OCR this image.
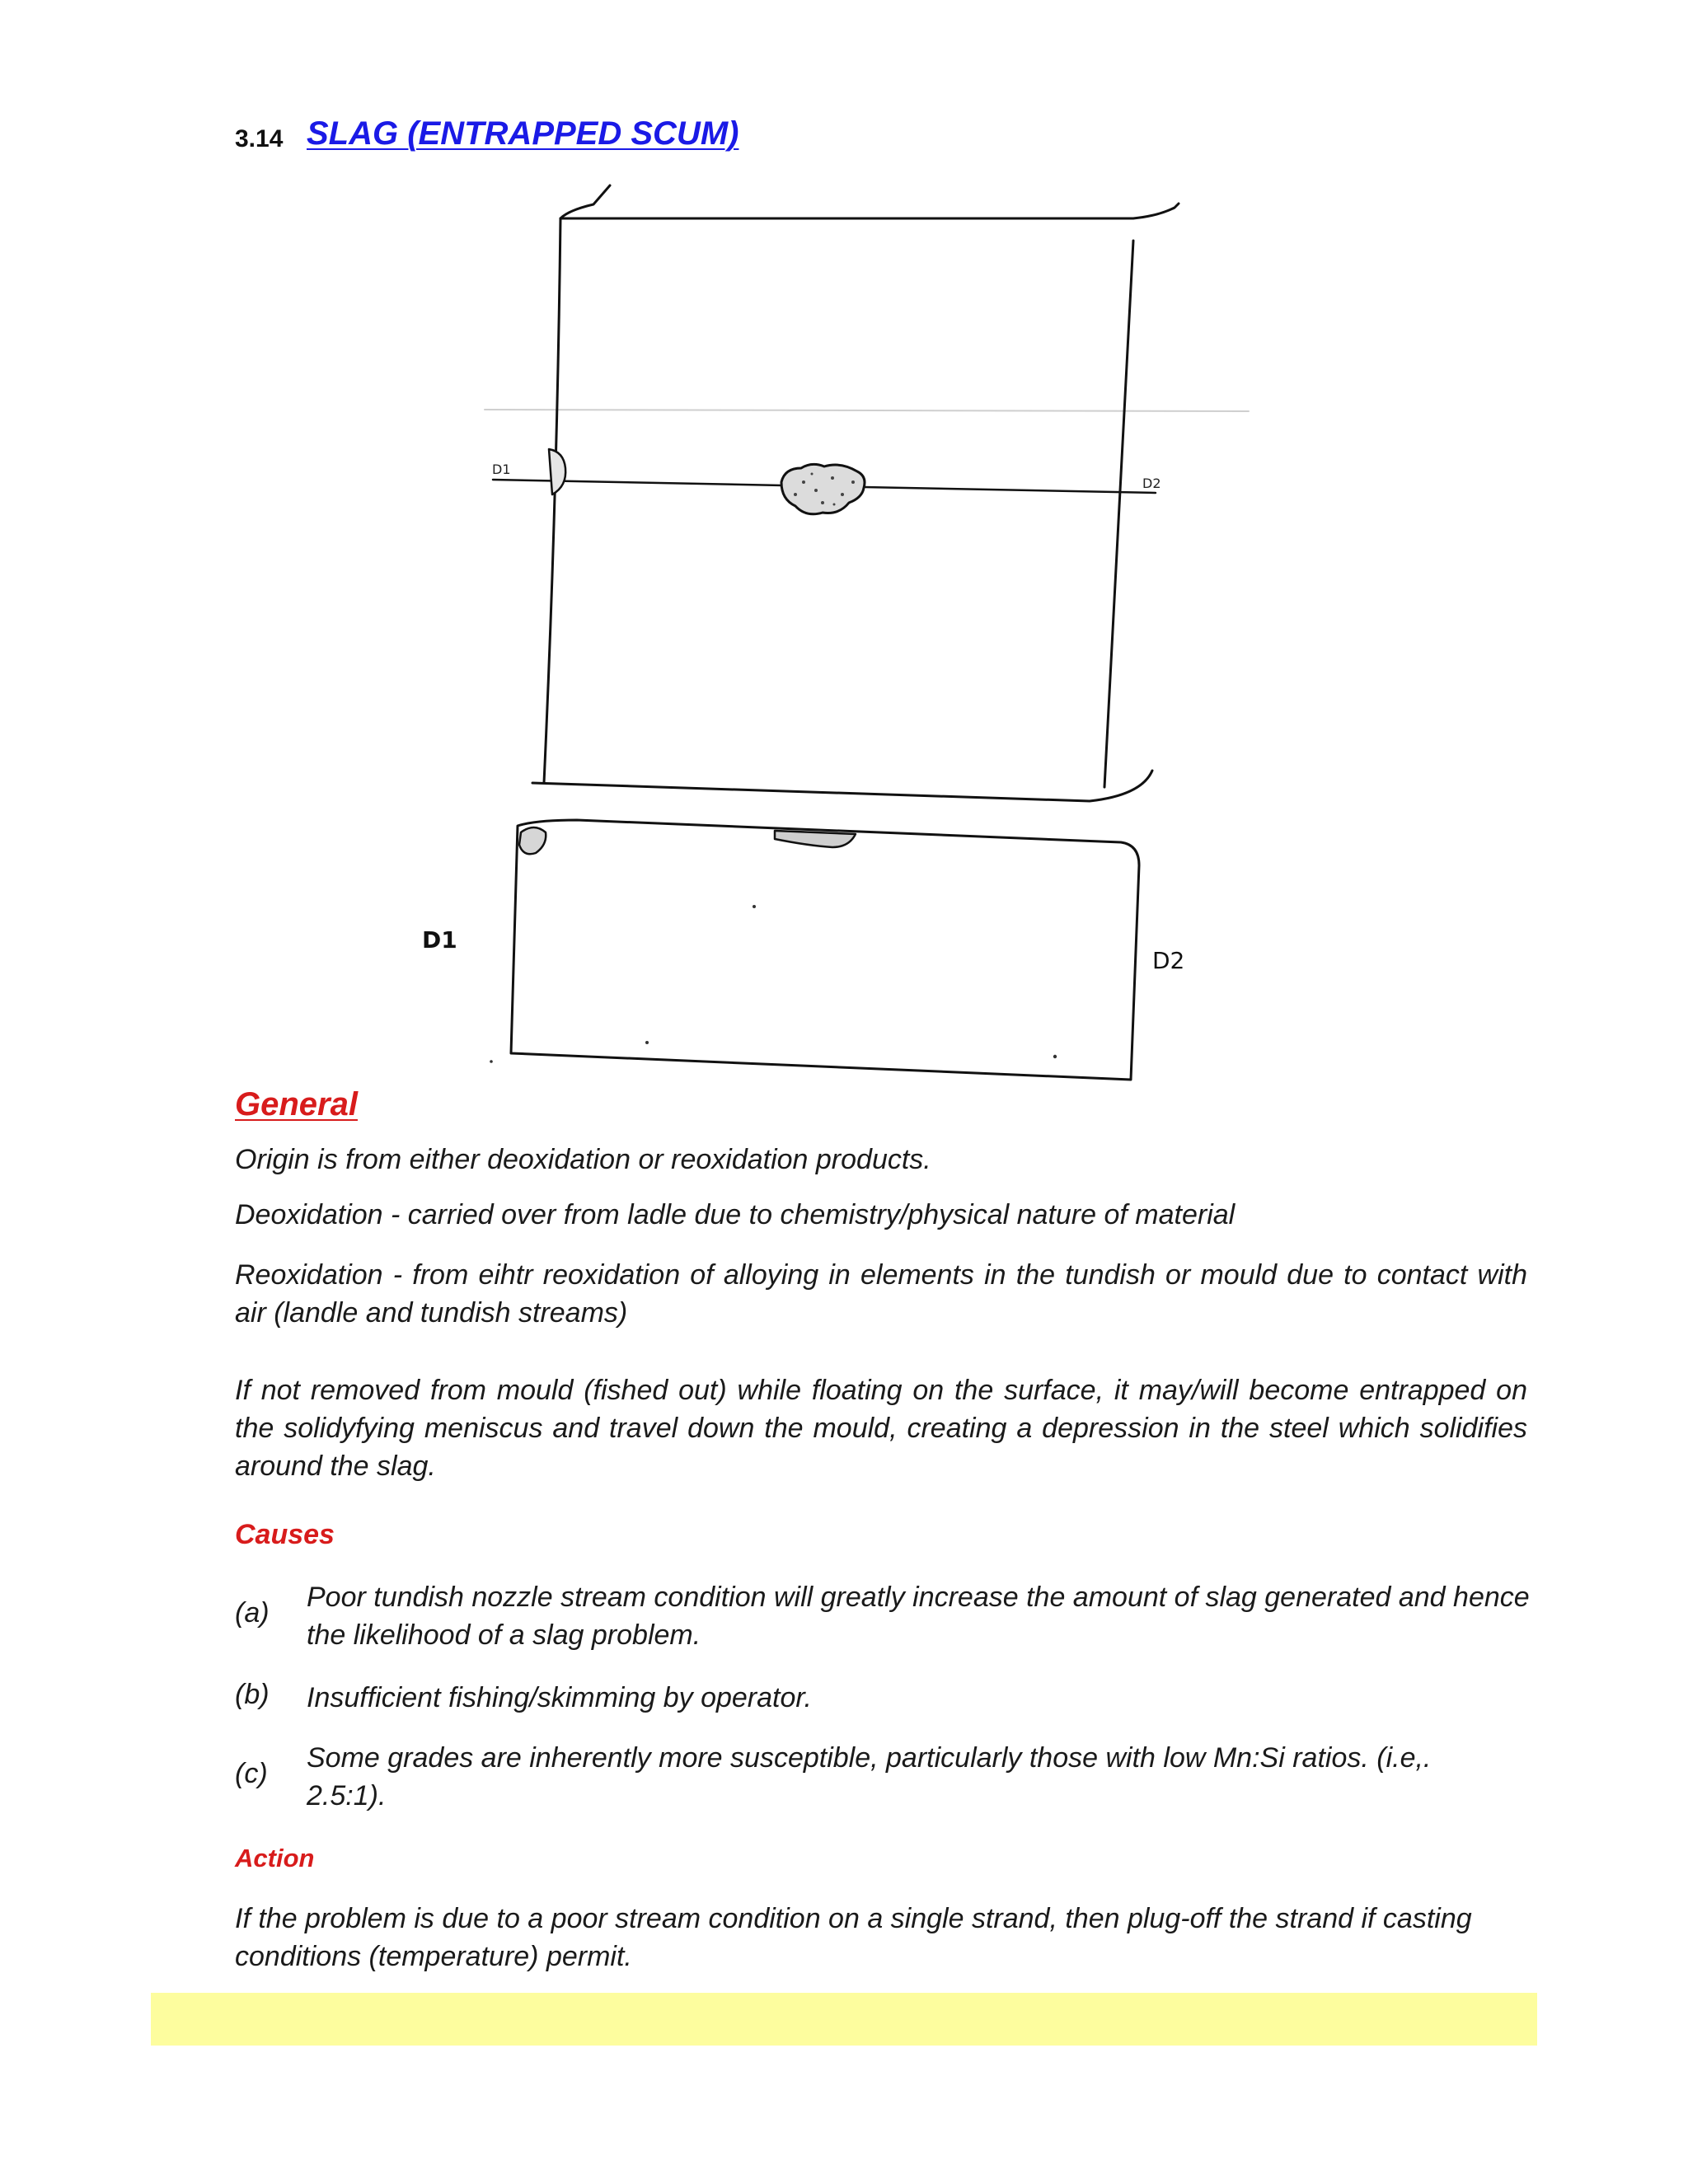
3.14 SLAG (ENTRAPPED SCUM)
D1
D2
D1
D2
General
Origin is from either deoxidation or reoxidation products.
Deoxidation - carried over from ladle due to chemistry/physical nature of material
Reoxidation - from eihtr reoxidation of alloying in elements in the tundish or mould due to contact with air (landle and tundish streams)
If not removed from mould (fished out) while floating on the surface, it may/will become entrapped on the solidyfying meniscus and travel down the mould, creating a depression in the steel which solidifies around the slag.
Causes
(a) Poor tundish nozzle stream condition will greatly increase the amount of slag generated and hence the likelihood of a slag problem.
(b) Insufficient fishing/skimming by operator.
(c) Some grades are inherently more susceptible, particularly those with low Mn:Si ratios. (i.e,. 2.5:1).
Action
If the problem is due to a poor stream condition on a single strand, then plug-off the strand if casting conditions (temperature) permit.
